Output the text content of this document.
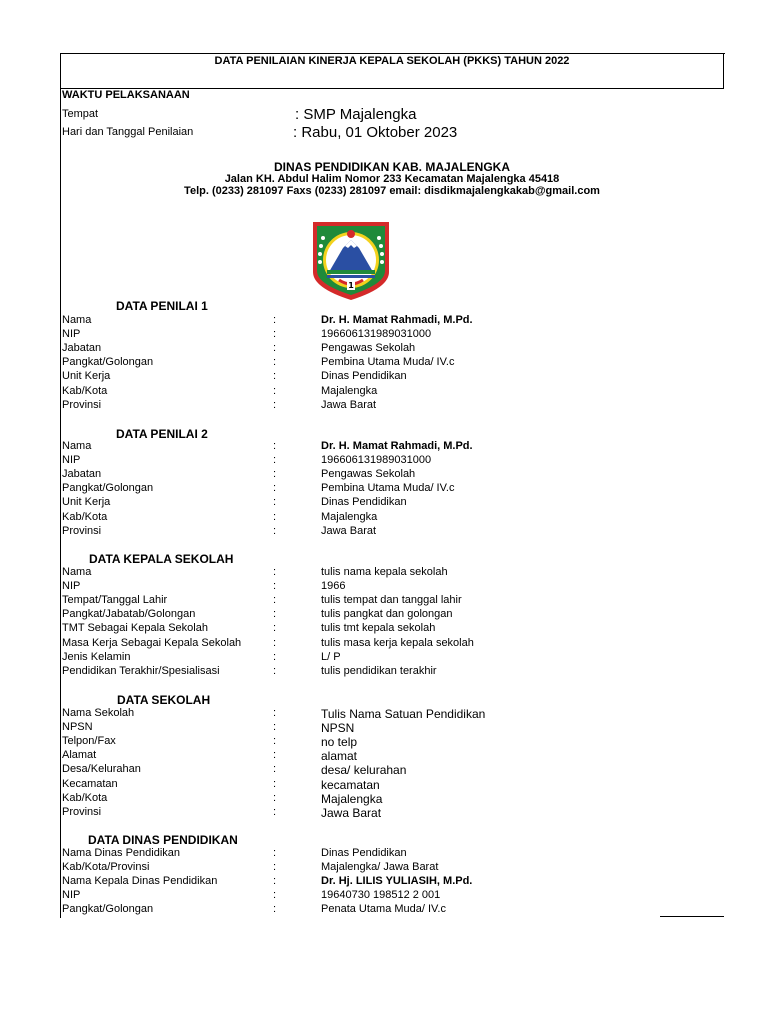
DATA PENILAIAN KINERJA KEPALA SEKOLAH (PKKS) TAHUN 2022
WAKTU PELAKSANAAN
Tempat	: SMP Majalengka
Hari dan Tanggal Penilaian	: Rabu, 01 Oktober 2023
DINAS PENDIDIKAN KAB. MAJALENGKA
Jalan KH. Abdul Halim Nomor 233 Kecamatan Majalengka 45418
Telp. (0233) 281097 Faxs (0233) 281097 email: disdikmajalengkakab@gmail.com
1
DATA PENILAI 1
Nama	:	Dr. H. Mamat Rahmadi, M.Pd.
NIP	:	196606131989031000
Jabatan	:	Pengawas Sekolah
Pangkat/Golongan	:	Pembina Utama Muda/ IV.c
Unit Kerja	:	Dinas Pendidikan
Kab/Kota	:	Majalengka
Provinsi	:	Jawa Barat
DATA PENILAI 2
Nama	:	Dr. H. Mamat Rahmadi, M.Pd.
NIP	:	196606131989031000
Jabatan	:	Pengawas Sekolah
Pangkat/Golongan	:	Pembina Utama Muda/ IV.c
Unit Kerja	:	Dinas Pendidikan
Kab/Kota	:	Majalengka
Provinsi	:	Jawa Barat
DATA KEPALA SEKOLAH
Nama	:	tulis nama kepala sekolah
NIP	:	1966
Tempat/Tanggal Lahir	:	tulis tempat dan tanggal lahir
Pangkat/Jabatab/Golongan	:	tulis pangkat dan golongan
TMT Sebagai Kepala Sekolah	:	tulis tmt kepala sekolah
Masa Kerja Sebagai Kepala Sekolah	:	tulis masa kerja kepala sekolah
Jenis Kelamin	:	L/ P
Pendidikan Terakhir/Spesialisasi	:	tulis pendidikan terakhir
DATA SEKOLAH
Nama Sekolah	:	Tulis Nama Satuan Pendidikan
NPSN	:	NPSN
Telpon/Fax	:	no telp
Alamat	:	alamat
Desa/Kelurahan	:	desa/ kelurahan
Kecamatan	:	kecamatan
Kab/Kota	:	Majalengka
Provinsi	:	Jawa Barat
DATA DINAS PENDIDIKAN
Nama Dinas Pendidikan	:	Dinas Pendidikan
Kab/Kota/Provinsi	:	Majalengka/ Jawa Barat
Nama Kepala Dinas Pendidikan	:	Dr. Hj. LILIS YULIASIH, M.Pd.
NIP	:	19640730 198512 2 001
Pangkat/Golongan	:	Penata Utama Muda/ IV.c
